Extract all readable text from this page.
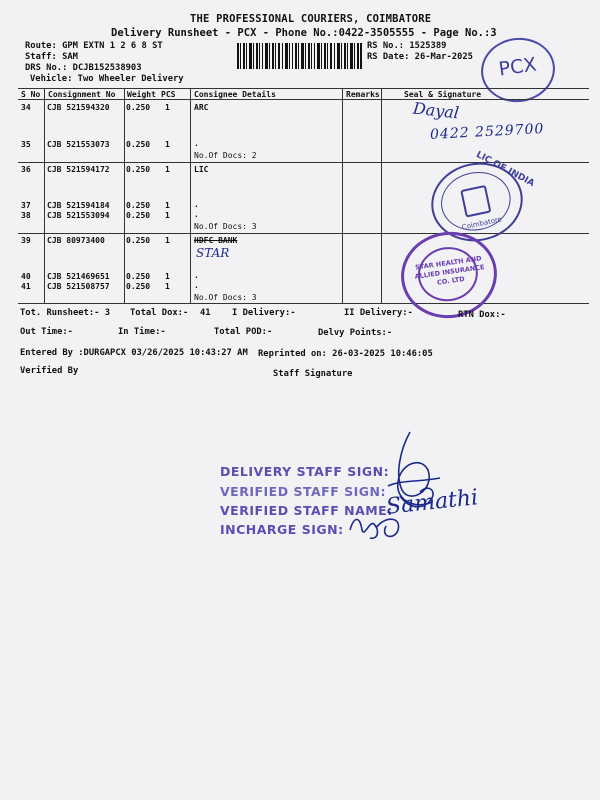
THE PROFESSIONAL COURIERS, COIMBATORE
Delivery Runsheet - PCX - Phone No.:0422-3505555 - Page No.:3
Route: GPM EXTN 1 2 6 8 ST
Staff: SAM
DRS No.: DCJB152538903
Vehicle: Two Wheeler Delivery
RS No.: 1525389
RS Date: 26-Mar-2025	PCX
S No Consignment No Weight PCS Consignee Details	Remarks	Seal & Signature
34 CJB 521594320 0.250 1	ARC
35 CJB 521553073 0.250 1	.
No.Of Docs: 2
36 CJB 521594172 0.250 1	LIC
37 CJB 521594184 0.250 1	.
38 CJB 521553094 0.250 1	.
No.Of Docs: 3
39 CJB 80973400	0.250 1	HDFC BANK
40 CJB 521469651 0.250 1	.
41 CJB 521508757 0.250 1	.
No.Of Docs: 3
Dayal
0422 2529700
STAR
LIC OF INDIA
Coimbatore
STAR HEALTH AND ALLIED INSURANCE CO. LTD
Tot. Runsheet:- 3 Total Dox:- 41 I Delivery:-	II Delivery:-	RTN Dox:-
Out Time:-	In Time:-	Total POD:-	Delvy Points:-
Entered By :DURGAPCX 03/26/2025 10:43:27 AM Reprinted on: 26-03-2025 10:46:05
Verified By	Staff Signature
DELIVERY STAFF SIGN:
VERIFIED STAFF SIGN:
VERIFIED STAFF NAME:
INCHARGE SIGN:
Samathi
